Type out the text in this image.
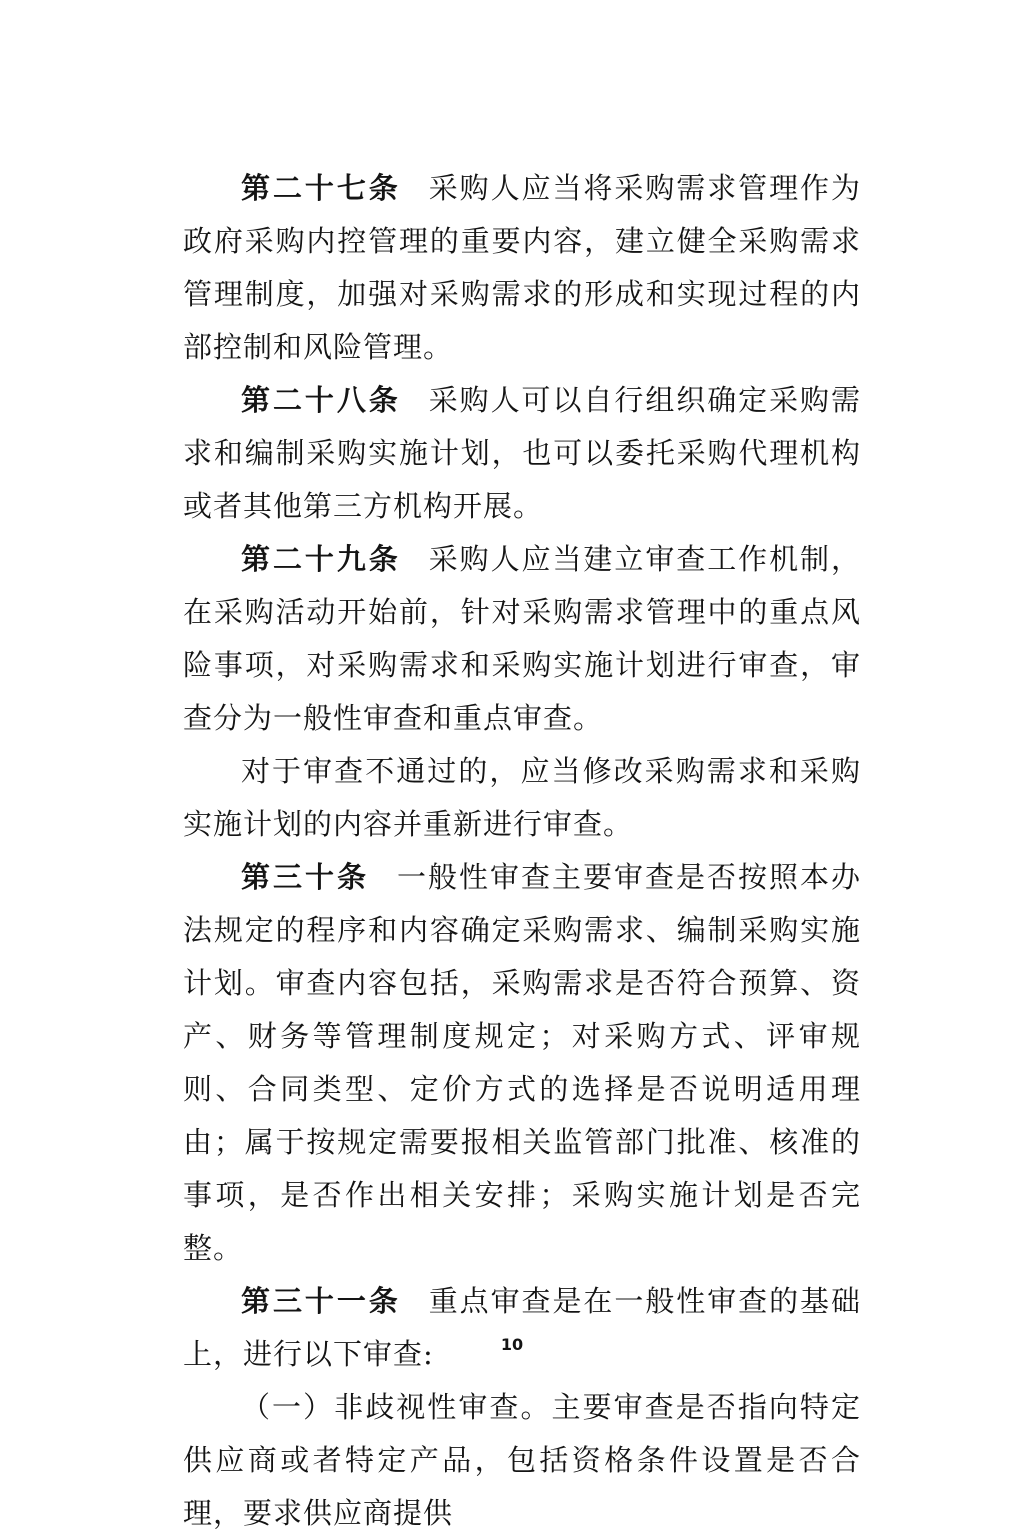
第二十七条 采购人应当将采购需求管理作为政府采购内控管理的重要内容，建立健全采购需求管理制度，加强对采购需求的形成和实现过程的内部控制和风险管理。

第二十八条 采购人可以自行组织确定采购需求和编制采购实施计划，也可以委托采购代理机构或者其他第三方机构开展。

第二十九条 采购人应当建立审查工作机制，在采购活动开始前，针对采购需求管理中的重点风险事项，对采购需求和采购实施计划进行审查，审查分为一般性审查和重点审查。

对于审查不通过的，应当修改采购需求和采购实施计划的内容并重新进行审查。

第三十条 一般性审查主要审查是否按照本办法规定的程序和内容确定采购需求、编制采购实施计划。审查内容包括，采购需求是否符合预算、资产、财务等管理制度规定；对采购方式、评审规则、合同类型、定价方式的选择是否说明适用理由；属于按规定需要报相关监管部门批准、核准的事项，是否作出相关安排；采购实施计划是否完整。

第三十一条 重点审查是在一般性审查的基础上，进行以下审查:

（一）非歧视性审查。主要审查是否指向特定供应商或者特定产品，包括资格条件设置是否合理，要求供应商提供

10
